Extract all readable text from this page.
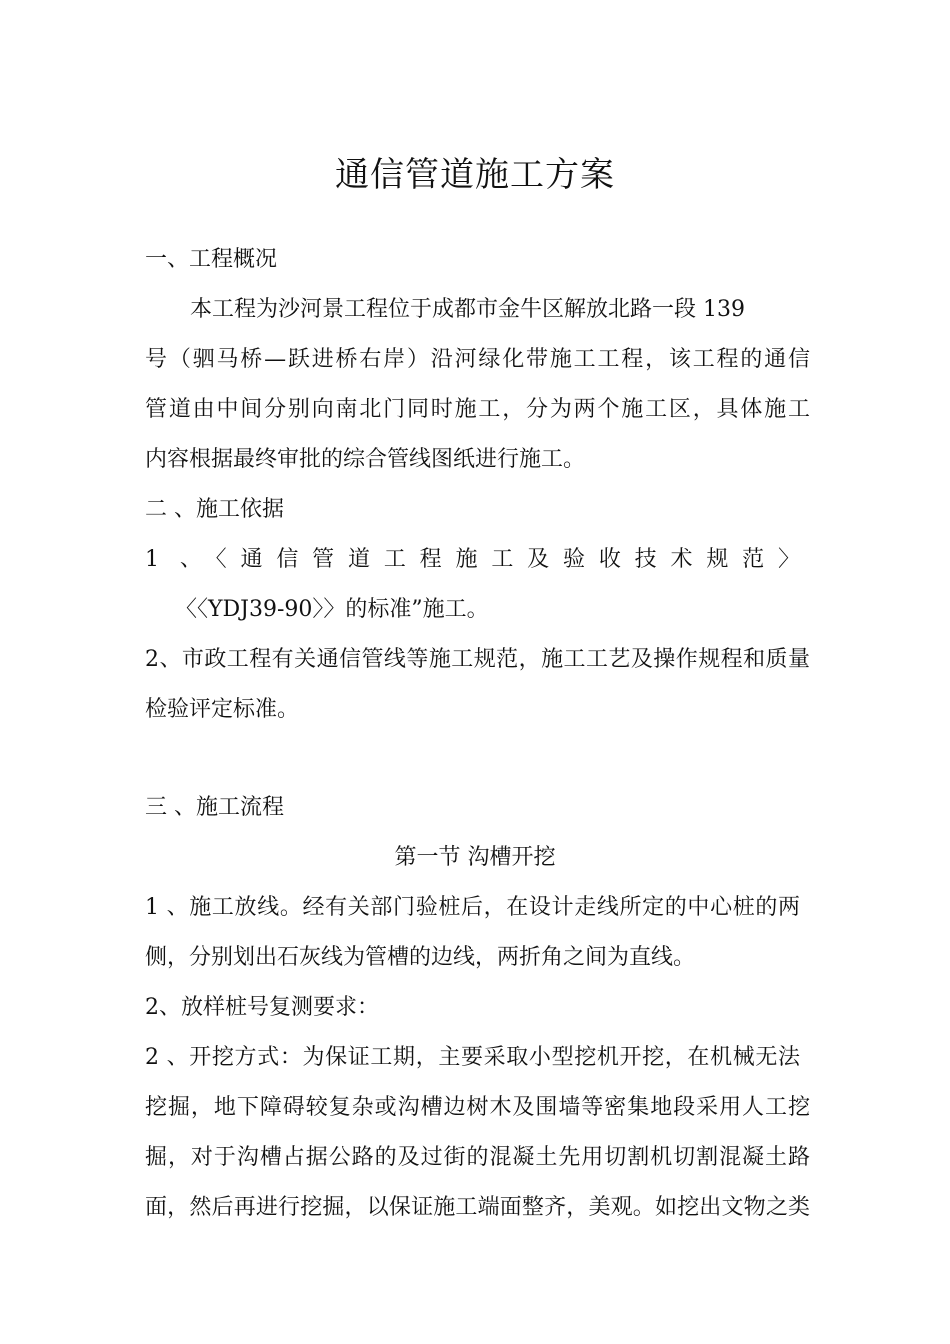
通信管道施工方案
一、工程概况
本工程为沙河景工程位于成都市金牛区解放北路一段 139
号（驷马桥—跃进桥右岸）沿河绿化带施工工程，该工程的通信
管道由中间分别向南北门同时施工，分为两个施工区，具体施工
内容根据最终审批的综合管线图纸进行施工。
二 、施工依据
1 、〈通信管道工程施工及验收技术规范〉
〈〈YDJ39-90〉〉的标准”施工。
2、市政工程有关通信管线等施工规范，施工工艺及操作规程和质量
检验评定标准。
三 、施工流程
第一节 沟槽开挖
1 、施工放线。经有关部门验桩后，在设计走线所定的中心桩的两
侧，分别划出石灰线为管槽的边线，两折角之间为直线。
2、放样桩号复测要求：
2 、开挖方式：为保证工期，主要采取小型挖机开挖，在机械无法
挖掘，地下障碍较复杂或沟槽边树木及围墙等密集地段采用人工挖
掘，对于沟槽占据公路的及过街的混凝土先用切割机切割混凝土路
面，然后再进行挖掘，以保证施工端面整齐，美观。如挖出文物之类
